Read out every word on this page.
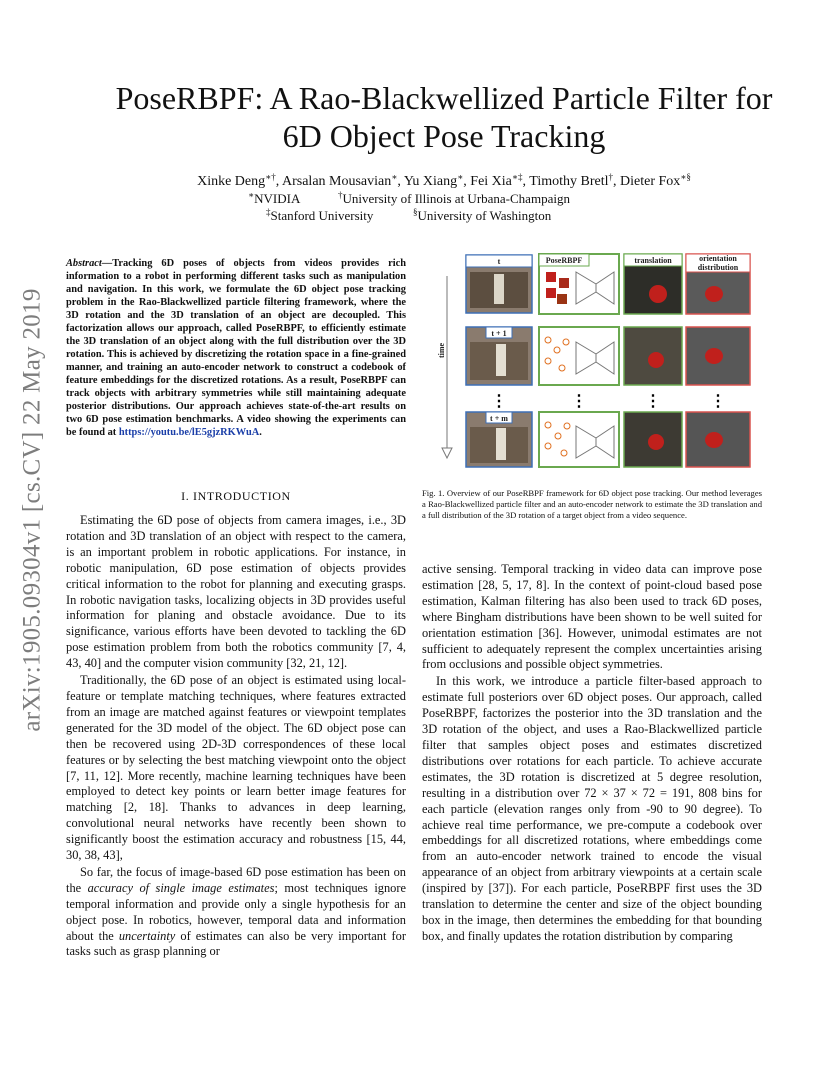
arXiv:1905.09304v1 [cs.CV] 22 May 2019
PoseRBPF: A Rao-Blackwellized Particle Filter for
6D Object Pose Tracking
Xinke Deng∗†, Arsalan Mousavian∗, Yu Xiang∗, Fei Xia∗‡, Timothy Bretl†, Dieter Fox∗§
∗NVIDIA	†University of Illinois at Urbana-Champaign
‡Stanford University	§University of Washington
Abstract—Tracking 6D poses of objects from videos provides rich information to a robot in performing different tasks such as manipulation and navigation. In this work, we formulate the 6D object pose tracking problem in the Rao-Blackwellized particle filtering framework, where the 3D rotation and the 3D translation of an object are decoupled. This factorization allows our approach, called PoseRBPF, to efficiently estimate the 3D translation of an object along with the full distribution over the 3D rotation. This is achieved by discretizing the rotation space in a fine-grained manner, and training an auto-encoder network to construct a codebook of feature embeddings for the discretized rotations. As a result, PoseRBPF can track objects with arbitrary symmetries while still maintaining adequate posterior distributions. Our approach achieves state-of-the-art results on two 6D pose estimation benchmarks. A video showing the experiments can be found at https://youtu.be/lE5gjzRKWuA.
I. INTRODUCTION

Estimating the 6D pose of objects from camera images, i.e., 3D rotation and 3D translation of an object with respect to the camera, is an important problem in robotic applications. For instance, in robotic manipulation, 6D pose estimation of objects provides critical information to the robot for planning and executing grasps. In robotic navigation tasks, localizing objects in 3D provides useful information for planing and obstacle avoidance. Due to its significance, various efforts have been devoted to tackling the 6D pose estimation problem from both the robotics community [7, 4, 43, 40] and the computer vision community [32, 21, 12].

Traditionally, the 6D pose of an object is estimated using local-feature or template matching techniques, where features extracted from an image are matched against features or viewpoint templates generated for the 3D model of the object. The 6D object pose can then be recovered using 2D-3D correspondences of these local features or by selecting the best matching viewpoint onto the object [7, 11, 12]. More recently, machine learning techniques have been employed to detect key points or learn better image features for matching [2, 18]. Thanks to advances in deep learning, convolutional neural networks have recently been shown to significantly boost the estimation accuracy and robustness [15, 44, 30, 38, 43],

So far, the focus of image-based 6D pose estimation has been on the accuracy of single image estimates; most techniques ignore temporal information and provide only a single hypothesis for an object pose. In robotics, however, temporal data and information about the uncertainty of estimates can also be very important for tasks such as grasp planning or

time
t	PoseRBPF	translation	orientation
distribution
t + 1
⋮	⋮	⋮	⋮
t + m
Fig. 1. Overview of our PoseRBPF framework for 6D object pose tracking. Our method leverages a Rao-Blackwellized particle filter and an auto-encoder network to estimate the 3D translation and a full distribution of the 3D rotation of a target object from a video sequence.

active sensing. Temporal tracking in video data can improve pose estimation [28, 5, 17, 8]. In the context of point-cloud based pose estimation, Kalman filtering has also been used to track 6D poses, where Bingham distributions have been shown to be well suited for orientation estimation [36]. However, unimodal estimates are not sufficient to adequately represent the complex uncertainties arising from occlusions and possible object symmetries.

In this work, we introduce a particle filter-based approach to estimate full posteriors over 6D object poses. Our approach, called PoseRBPF, factorizes the posterior into the 3D translation and the 3D rotation of the object, and uses a Rao-Blackwellized particle filter that samples object poses and estimates discretized distributions over rotations for each particle. To achieve accurate estimates, the 3D rotation is discretized at 5 degree resolution, resulting in a distribution over 72 × 37 × 72 = 191, 808 bins for each particle (elevation ranges only from -90 to 90 degree). To achieve real time performance, we pre-compute a codebook over embeddings for all discretized rotations, where embeddings come from an auto-encoder network trained to encode the visual appearance of an object from arbitrary viewpoints at a certain scale (inspired by [37]). For each particle, PoseRBPF first uses the 3D translation to determine the center and size of the object bounding box in the image, then determines the embedding for that bounding box, and finally updates the rotation distribution by comparing
